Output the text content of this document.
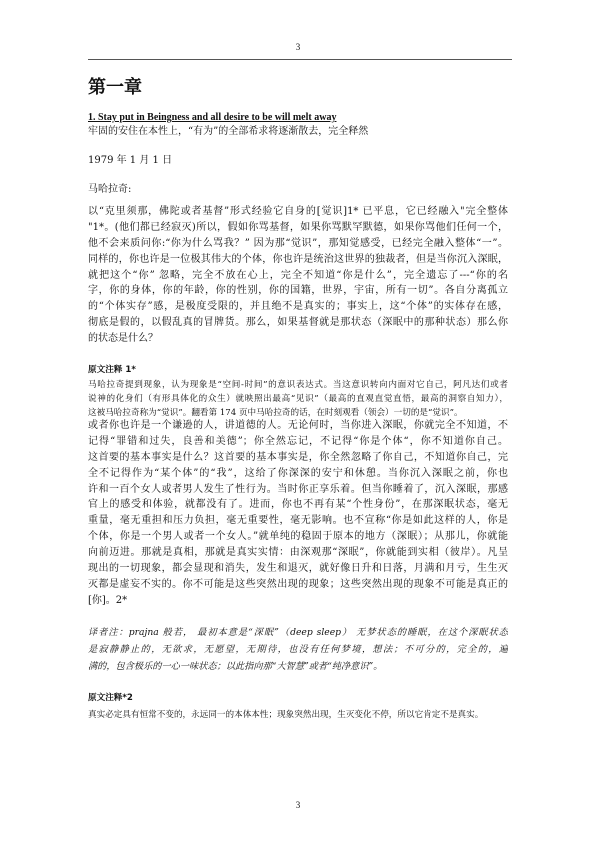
3
第一章
1. Stay put in Beingness and all desire to be will melt away
牢固的安住在本性上，“有为”的全部希求将逐渐散去，完全释然
1979 年 1 月 1 日
马哈拉奇:
以“克里须那，佛陀或者基督”形式经验它自身的[觉识]1* 已平息，它已经融入"完全整体
"1*。(他们都已经寂灭)所以，假如你骂基督，如果你骂默罕默德，如果你骂他们任何一个，
他不会来质问你:“你为什么骂我？” 因为那“觉识”，那知觉感受，已经完全融入整体“一”。
同样的，你也许是一位极其伟大的个体，你也许是统治这世界的独裁者，但是当你沉入深眠，
就把这个“你” 忽略，完全不放在心上，完全不知道“你是什么”，完全遗忘了---“你的名
字，你的身体，你的年龄，你的性别，你的国籍，世界，宇宙，所有一切”。各自分离孤立
的“个体实存”感，是极度受限的，并且绝不是真实的；事实上，这“个体”的实体存在感，
彻底是假的，以假乱真的冒牌货。那么，如果基督就是那状态（深眠中的那种状态）那么你
的状态是什么？
原文注释 1*
马哈拉奇提到现象，认为现象是“空间-时间”的意识表达式。当这意识转向内面对它自己，阿凡达们或者
说神的化身们（有形具体化的众生）就映照出最高“见识”（最高的直观直觉直悟，最高的洞察自知力），
这被马哈拉奇称为“觉识”。翻看第 174 页中马哈拉奇的话，在时刻观看（领会）一切的是“觉识”。
或者你也许是一个谦逊的人，讲道德的人。无论何时，当你进入深眠，你就完全不知道，不
记得“罪错和过失，良善和美德”；你全然忘记，不记得“你是个体“，你不知道你自己。
这首要的基本事实是什么？这首要的基本事实是，你全然忽略了你自己，不知道你自己，完
全不记得作为“某个体”的“我”，这给了你深深的安宁和休憩。当你沉入深眠之前，你也
许和一百个女人或者男人发生了性行为。当时你正享乐着。但当你睡着了，沉入深眠，那感
官上的感受和体验，就都没有了。进而，你也不再有某“个性身份”，在那深眠状态，毫无
重量，毫无重担和压力负担，毫无重要性，毫无影响。也不宣称“你是如此这样的人，你是
个体，你是一个男人或者一个女人。”就单纯的稳固于原本的地方（深眠）；从那儿，你就能
向前迈进。那就是真相，那就是真实实情：由深观那“深眠”，你就能到实相（彼岸）。凡呈
现出的一切现象，都会显现和消失，发生和退灭，就好像日升和日落，月满和月亏，生生灭
灭都是虚妄不实的。你不可能是这些突然出现的现象；这些突然出现的现象不可能是真正的
[你]。2*
译者注：prajna 般若， 最初本意是“深眠”（deep sleep） 无梦状态的睡眠，在这个深眠状态
是寂静静止的，无欲求，无愿望，无期待，也没有任何梦境，想法；不可分的，完全的，遍
满的，包含极乐的一心一味状态；以此指向那“大智慧”或者“纯净意识”。
原文注释*2
真实必定具有恒常不变的，永远同一的本体本性；现象突然出现，生灭变化不停，所以它肯定不是真实。
3
